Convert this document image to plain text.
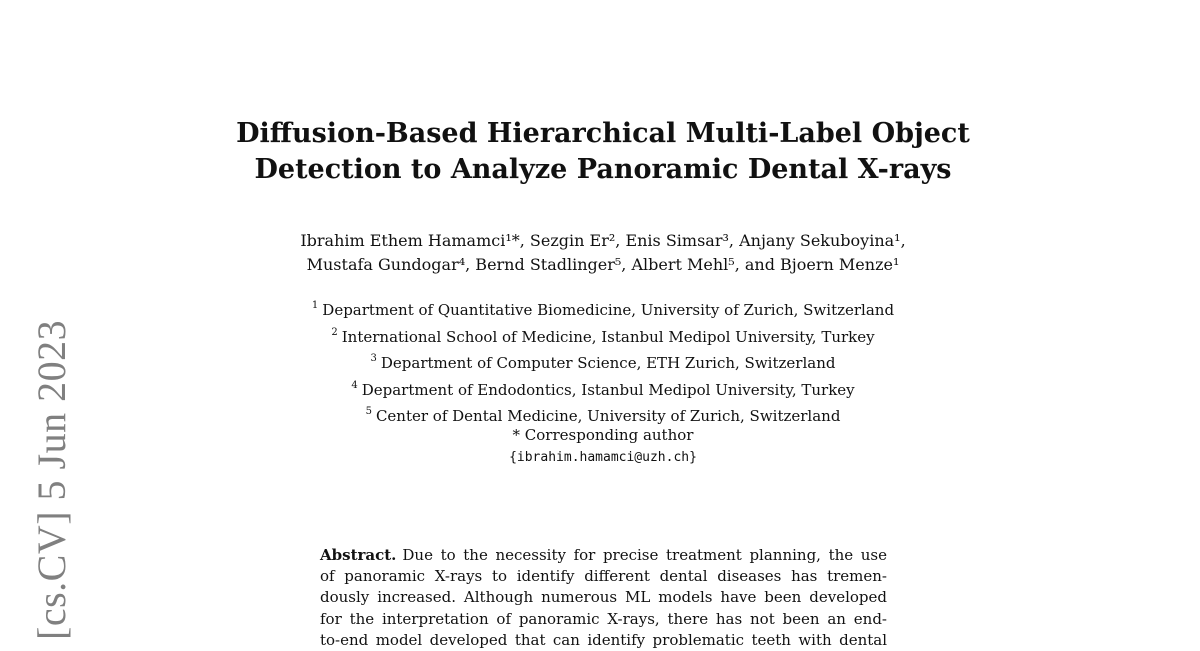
[cs.CV] 5 Jun 2023
Diffusion-Based Hierarchical Multi-Label Object
Detection to Analyze Panoramic Dental X-rays
Ibrahim Ethem Hamamci¹*, Sezgin Er², Enis Simsar³, Anjany Sekuboyina¹,
Mustafa Gundogar⁴, Bernd Stadlinger⁵, Albert Mehl⁵, and Bjoern Menze¹
$^1$ Department of Quantitative Biomedicine, University of Zurich, Switzerland
$^2$ International School of Medicine, Istanbul Medipol University, Turkey
$^3$ Department of Computer Science, ETH Zurich, Switzerland
$^4$ Department of Endodontics, Istanbul Medipol University, Turkey
$^5$ Center of Dental Medicine, University of Zurich, Switzerland
* Corresponding author
{ibrahim.hamamci@uzh.ch}
Abstract. Due to the necessity for precise treatment planning, the use
of panoramic X-rays to identify different dental diseases has tremen-
dously increased. Although numerous ML models have been developed
for the interpretation of panoramic X-rays, there has not been an end-
to-end model developed that can identify problematic teeth with dental
